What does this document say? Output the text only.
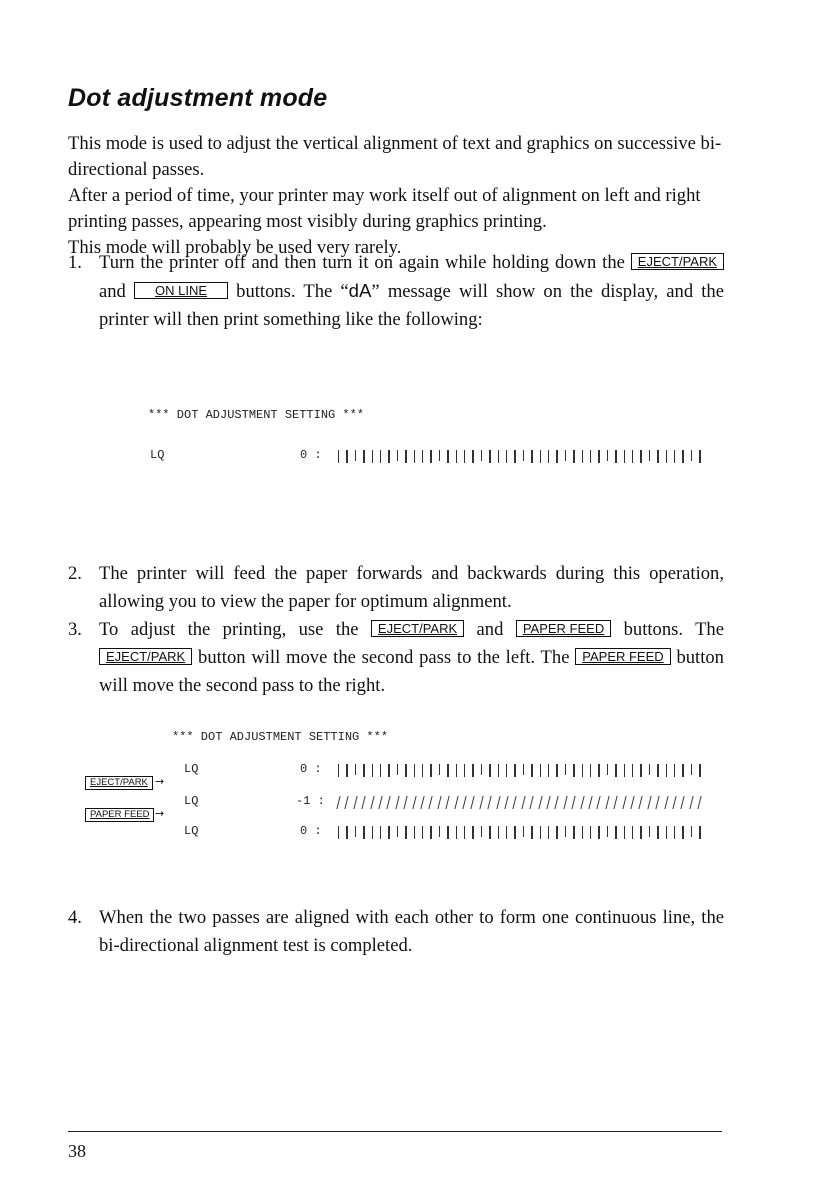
Dot adjustment mode

This mode is used to adjust the vertical alignment of text and graphics on successive bi-directional passes.

After a period of time, your printer may work itself out of alignment on left and right printing passes, appearing most visibly during graphics printing.

This mode will probably be used very rarely.

1. Turn the printer off and then turn it on again while holding down the EJECT/PARK and ON LINE buttons. The “dA” message will show on the display, and the printer will then print something like the following:
*** DOT ADJUSTMENT SETTING ***
LQ	0 :
2. The printer will feed the paper forwards and backwards during this operation, allowing you to view the paper for optimum alignment.
3. To adjust the printing, use the EJECT/PARK and PAPER FEED buttons. The EJECT/PARK button will move the second pass to the left. The PAPER FEED button will move the second pass to the right.
*** DOT ADJUSTMENT SETTING ***
LQ	0 :
EJECT/PARK →
LQ	-1 :
PAPER FEED →
LQ	0 :
4. When the two passes are aligned with each other to form one continuous line, the bi-directional alignment test is completed.
38
